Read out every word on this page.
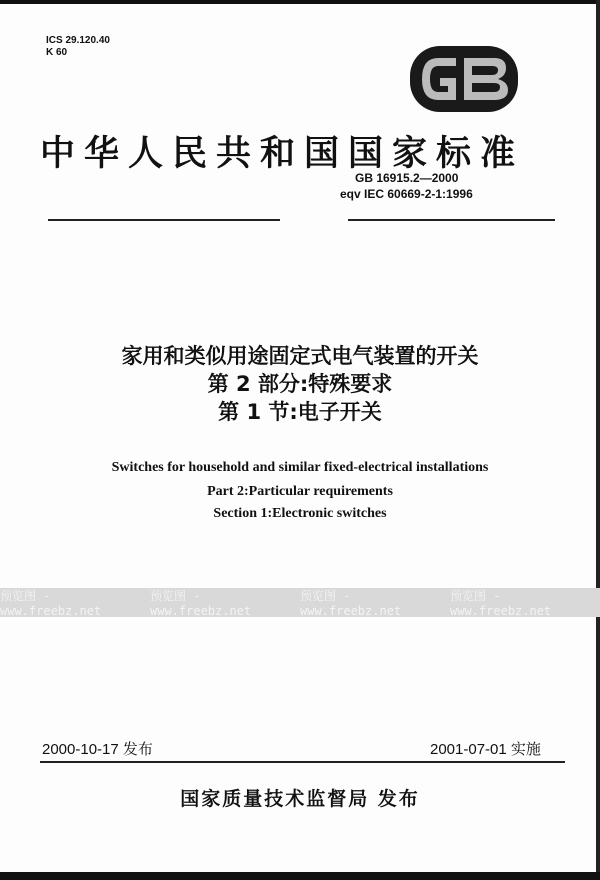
ICS 29.120.40
K 60
中华人民共和国国家标准
GB 16915.2—2000
eqv IEC 60669-2-1:1996
家用和类似用途固定式电气装置的开关
第 2 部分:特殊要求
第 1 节:电子开关
Switches for household and similar fixed-electrical installations
Part 2:Particular requirements
Section 1:Electronic switches
预览图 - www.freebz.net
预览图 - www.freebz.net
预览图 - www.freebz.net
预览图 - www.freebz.net
2000-10-17 发布	2001-07-01 实施
国家质量技术监督局 发布
